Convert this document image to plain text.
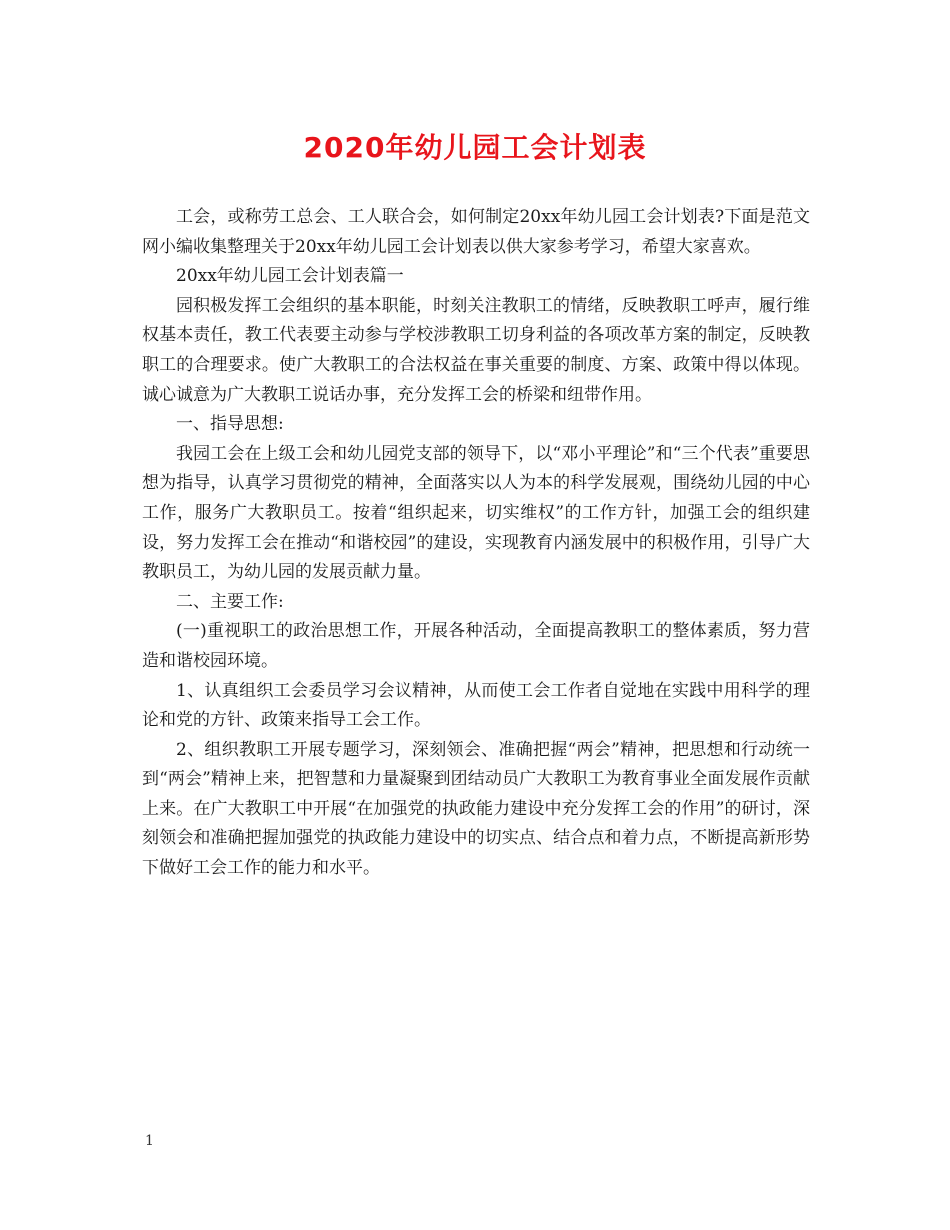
2020年幼儿园工会计划表

工会，或称劳工总会、工人联合会，如何制定20xx年幼儿园工会计划表?下面是范文网小编收集整理关于20xx年幼儿园工会计划表以供大家参考学习，希望大家喜欢。

20xx年幼儿园工会计划表篇一

园积极发挥工会组织的基本职能，时刻关注教职工的情绪，反映教职工呼声，履行维权基本责任，教工代表要主动参与学校涉教职工切身利益的各项改革方案的制定，反映教职工的合理要求。使广大教职工的合法权益在事关重要的制度、方案、政策中得以体现。诚心诚意为广大教职工说话办事，充分发挥工会的桥梁和纽带作用。

一、指导思想:

我园工会在上级工会和幼儿园党支部的领导下，以“邓小平理论”和“三个代表”重要思想为指导，认真学习贯彻党的精神，全面落实以人为本的科学发展观，围绕幼儿园的中心工作，服务广大教职员工。按着“组织起来，切实维权”的工作方针，加强工会的组织建设，努力发挥工会在推动“和谐校园”的建设，实现教育内涵发展中的积极作用，引导广大教职员工，为幼儿园的发展贡献力量。

二、主要工作:

(一)重视职工的政治思想工作，开展各种活动，全面提高教职工的整体素质，努力营造和谐校园环境。

1、认真组织工会委员学习会议精神，从而使工会工作者自觉地在实践中用科学的理论和党的方针、政策来指导工会工作。

2、组织教职工开展专题学习，深刻领会、准确把握“两会”精神，把思想和行动统一到“两会”精神上来，把智慧和力量凝聚到团结动员广大教职工为教育事业全面发展作贡献上来。在广大教职工中开展“在加强党的执政能力建设中充分发挥工会的作用”的研讨，深刻领会和准确把握加强党的执政能力建设中的切实点、结合点和着力点，不断提高新形势下做好工会工作的能力和水平。

1
